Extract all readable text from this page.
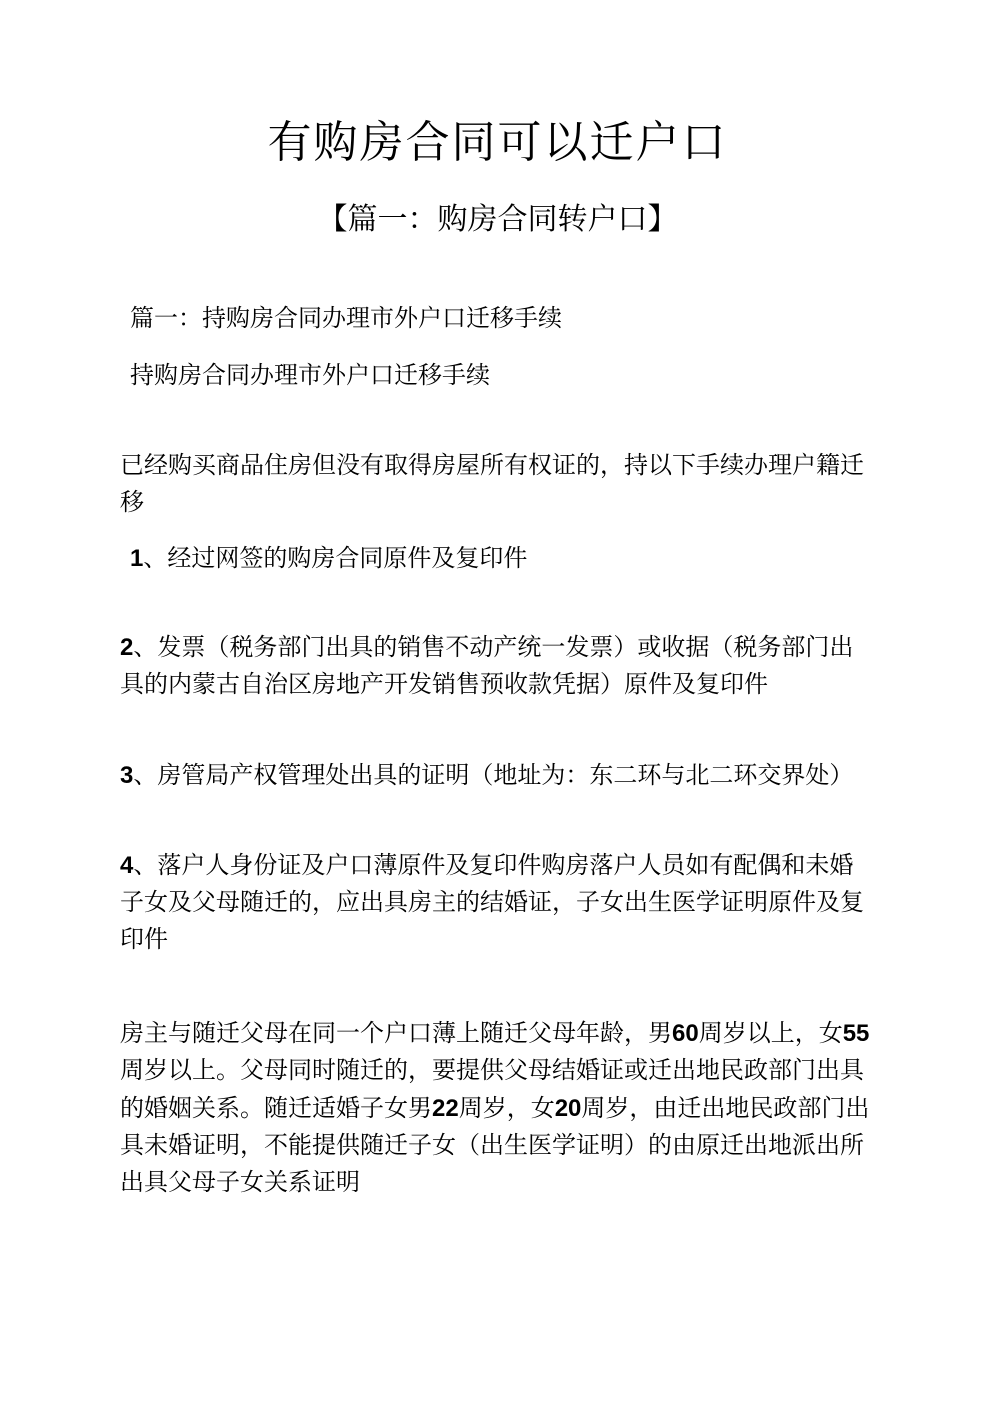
有购房合同可以迁户口
【篇一：购房合同转户口】

篇一：持购房合同办理市外户口迁移手续

持购房合同办理市外户口迁移手续

已经购买商品住房但没有取得房屋所有权证的，持以下手续办理户籍迁移

1、经过网签的购房合同原件及复印件

2、发票（税务部门出具的销售不动产统一发票）或收据（税务部门出具的内蒙古自治区房地产开发销售预收款凭据）原件及复印件

3、房管局产权管理处出具的证明（地址为：东二环与北二环交界处）

4、落户人身份证及户口薄原件及复印件购房落户人员如有配偶和未婚子女及父母随迁的，应出具房主的结婚证，子女出生医学证明原件及复印件

房主与随迁父母在同一个户口薄上随迁父母年龄，男60周岁以上，女55周岁以上。父母同时随迁的，要提供父母结婚证或迁出地民政部门出具的婚姻关系。随迁适婚子女男22周岁，女20周岁，由迁出地民政部门出具未婚证明，不能提供随迁子女（出生医学证明）的由原迁出地派出所出具父母子女关系证明
